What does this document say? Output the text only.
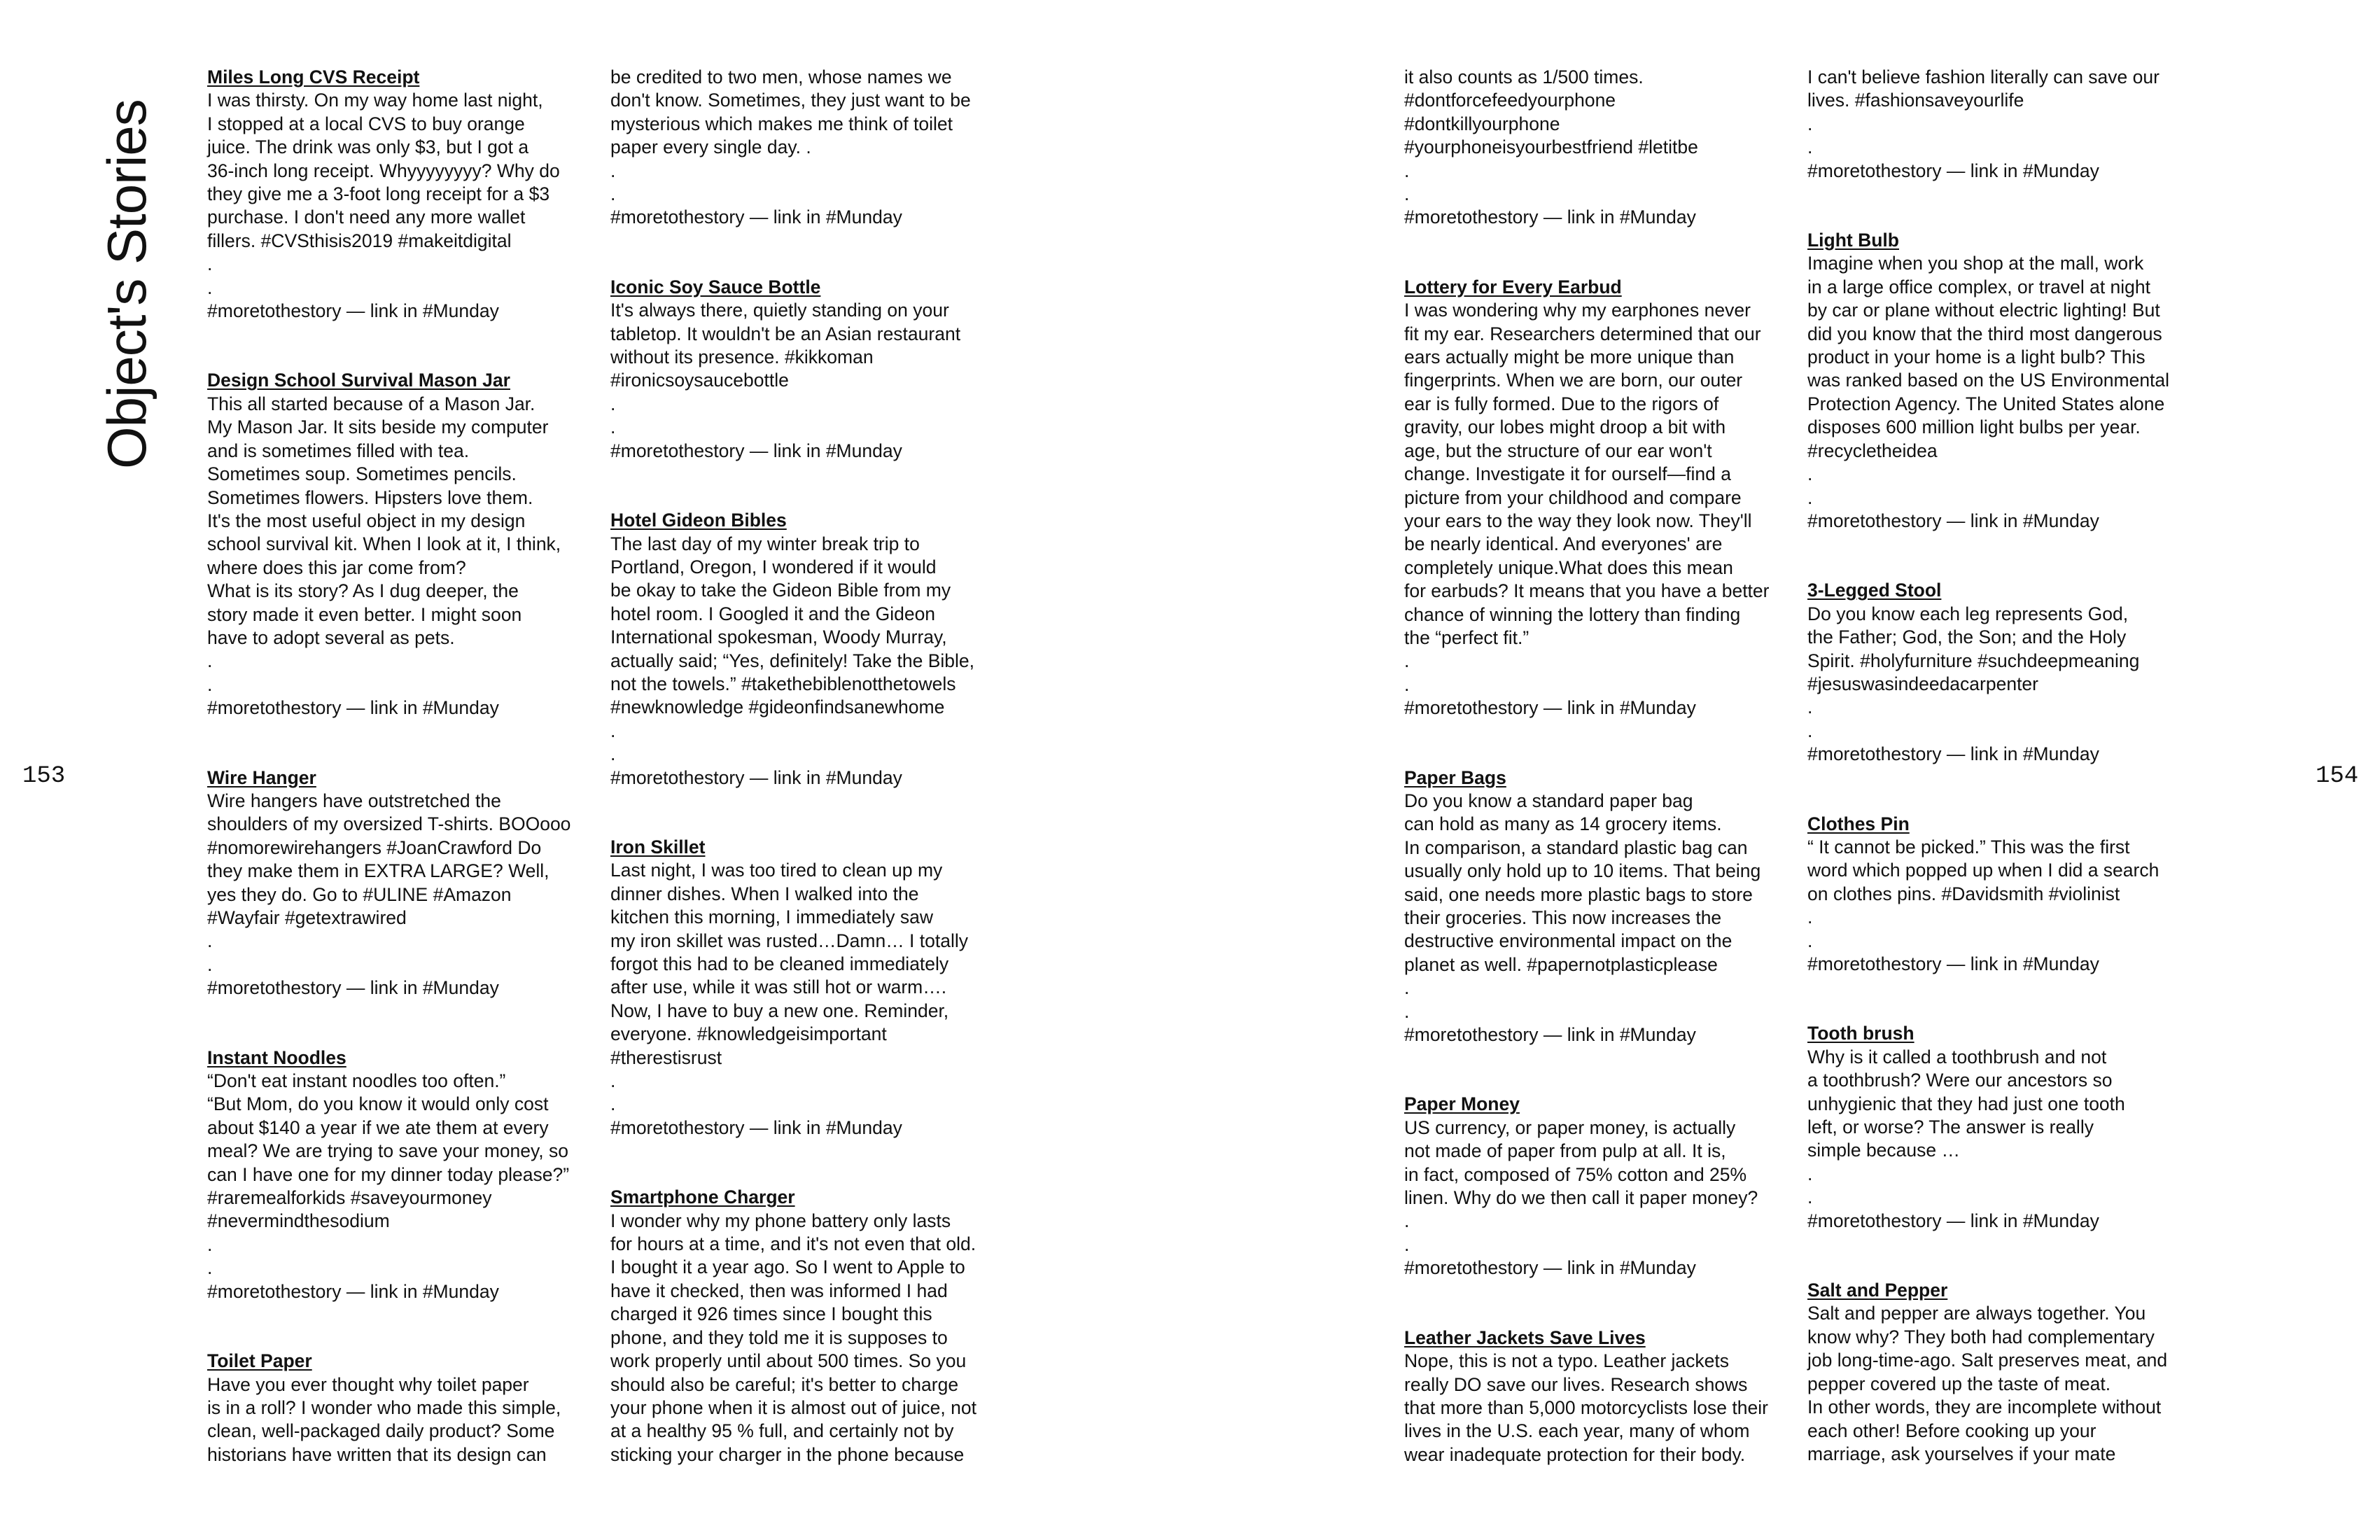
Object's Stories
153	154
Miles Long CVS Receipt

I was thirsty. On my way home last night,
I stopped at a local CVS to buy orange
juice. The drink was only $3, but I got a
36-inch long receipt. Whyyyyyyyy? Why do
they give me a 3-foot long receipt for a $3
purchase. I don't need any more wallet
fillers. #CVSthisis2019 #makeitdigital

.

.

#moretothestory — link in #Munday

Design School Survival Mason Jar

This all started because of a Mason Jar.
My Mason Jar. It sits beside my computer
and is sometimes filled with tea.
Sometimes soup. Sometimes pencils.
Sometimes flowers. Hipsters love them.
It's the most useful object in my design
school survival kit. When I look at it, I think,
where does this jar come from?
What is its story? As I dug deeper, the
story made it even better. I might soon
have to adopt several as pets.

.

.

#moretothestory — link in #Munday

Wire Hanger

Wire hangers have outstretched the
shoulders of my oversized T-shirts. BOOooo
#nomorewirehangers #JoanCrawford Do
they make them in EXTRA LARGE? Well,
yes they do. Go to #ULINE #Amazon
#Wayfair #getextrawired

.

.

#moretothestory — link in #Munday

Instant Noodles

“Don't eat instant noodles too often.”
“But Mom, do you know it would only cost
about $140 a year if we ate them at every
meal? We are trying to save your money, so
can I have one for my dinner today please?”
#raremealforkids #saveyourmoney
#nevermindthesodium

.

.

#moretothestory — link in #Munday

Toilet Paper

Have you ever thought why toilet paper
is in a roll? I wonder who made this simple,
clean, well-packaged daily product? Some
historians have written that its design can

be credited to two men, whose names we
don't know. Sometimes, they just want to be
mysterious which makes me think of toilet
paper every single day. .

.

.

#moretothestory — link in #Munday

Iconic Soy Sauce Bottle

It's always there, quietly standing on your
tabletop. It wouldn't be an Asian restaurant
without its presence. #kikkoman
#ironicsoysaucebottle

.

.

#moretothestory — link in #Munday

Hotel Gideon Bibles

The last day of my winter break trip to
Portland, Oregon, I wondered if it would
be okay to take the Gideon Bible from my
hotel room. I Googled it and the Gideon
International spokesman, Woody Murray,
actually said; “Yes, definitely! Take the Bible,
not the towels.” #takethebiblenotthetowels
#newknowledge #gideonfindsanewhome

.

.

#moretothestory — link in #Munday

Iron Skillet

Last night, I was too tired to clean up my
dinner dishes. When I walked into the
kitchen this morning, I immediately saw
my iron skillet was rusted…Damn… I totally
forgot this had to be cleaned immediately
after use, while it was still hot or warm….
Now, I have to buy a new one. Reminder,
everyone. #knowledgeisimportant
#therestisrust

.

.

#moretothestory — link in #Munday

Smartphone Charger

I wonder why my phone battery only lasts
for hours at a time, and it's not even that old.
I bought it a year ago. So I went to Apple to
have it checked, then was informed I had
charged it 926 times since I bought this
phone, and they told me it is supposes to
work properly until about 500 times. So you
should also be careful; it's better to charge
your phone when it is almost out of juice, not
at a healthy 95 % full, and certainly not by
sticking your charger in the phone because

it also counts as 1/500 times.
#dontforcefeedyourphone
#dontkillyourphone
#yourphoneisyourbestfriend #letitbe

.

.

#moretothestory — link in #Munday

Lottery for Every Earbud

I was wondering why my earphones never
fit my ear. Researchers determined that our
ears actually might be more unique than
fingerprints. When we are born, our outer
ear is fully formed. Due to the rigors of
gravity, our lobes might droop a bit with
age, but the structure of our ear won't
change. Investigate it for ourself—find a
picture from your childhood and compare
your ears to the way they look now. They'll
be nearly identical. And everyones' are
completely unique.What does this mean
for earbuds? It means that you have a better
chance of winning the lottery than finding
the “perfect fit.”

.

.

#moretothestory — link in #Munday

Paper Bags

Do you know a standard paper bag
can hold as many as 14 grocery items.
In comparison, a standard plastic bag can
usually only hold up to 10 items. That being
said, one needs more plastic bags to store
their groceries. This now increases the
destructive environmental impact on the
planet as well. #papernotplasticplease

.

.

#moretothestory — link in #Munday

Paper Money

US currency, or paper money, is actually
not made of paper from pulp at all. It is,
in fact, composed of 75% cotton and 25%
linen. Why do we then call it paper money?

.

.

#moretothestory — link in #Munday

Leather Jackets Save Lives

Nope, this is not a typo. Leather jackets
really DO save our lives. Research shows
that more than 5,000 motorcyclists lose their
lives in the U.S. each year, many of whom
wear inadequate protection for their body.

I can't believe fashion literally can save our
lives. #fashionsaveyourlife

.

.

#moretothestory — link in #Munday

Light Bulb

Imagine when you shop at the mall, work
in a large office complex, or travel at night
by car or plane without electric lighting! But
did you know that the third most dangerous
product in your home is a light bulb? This
was ranked based on the US Environmental
Protection Agency. The United States alone
disposes 600 million light bulbs per year.
#recycletheidea

.

.

#moretothestory — link in #Munday

3-Legged Stool

Do you know each leg represents God,
the Father; God, the Son; and the Holy
Spirit. #holyfurniture #suchdeepmeaning
#jesuswasindeedacarpenter

.

.

#moretothestory — link in #Munday

Clothes Pin

“ It cannot be picked.” This was the first
word which popped up when I did a search
on clothes pins. #Davidsmith #violinist

.

.

#moretothestory — link in #Munday

Tooth brush

Why is it called a toothbrush and not
a toothbrush? Were our ancestors so
unhygienic that they had just one tooth
left, or worse? The answer is really
simple because …

.

.

#moretothestory — link in #Munday

Salt and Pepper

Salt and pepper are always together. You
know why? They both had complementary
job long-time-ago. Salt preserves meat, and
pepper covered up the taste of meat.
In other words, they are incomplete without
each other! Before cooking up your
marriage, ask yourselves if your mate
